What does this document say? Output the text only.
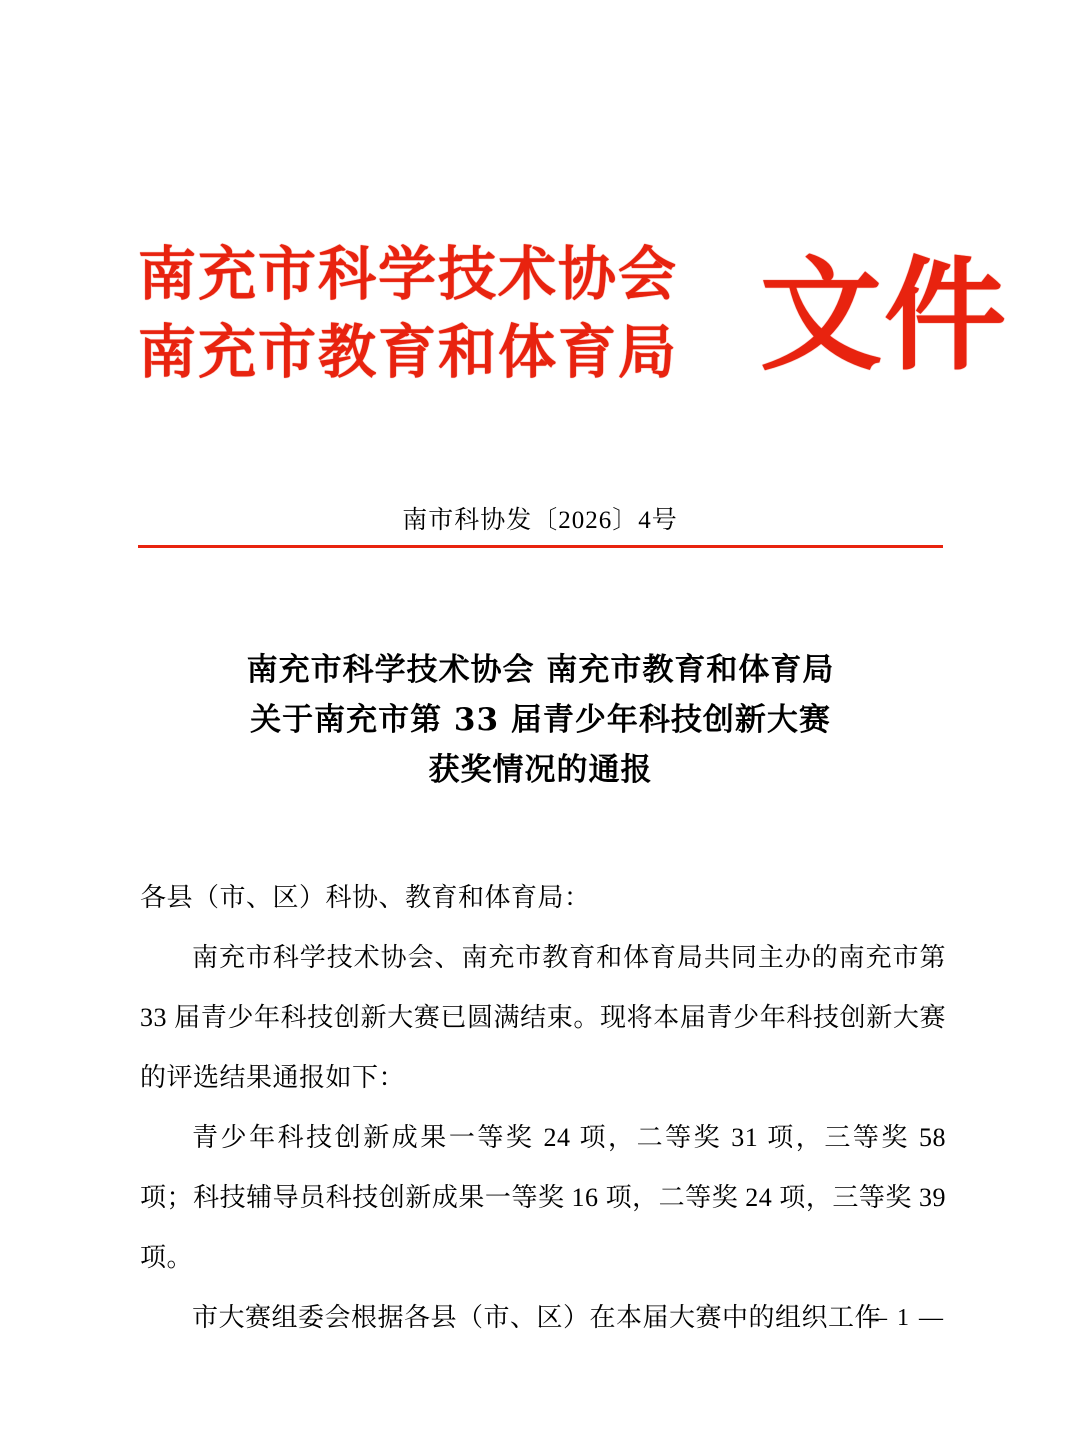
南充市科学技术协会
南充市教育和体育局 文件
南市科协发〔2026〕4号
南充市科学技术协会 南充市教育和体育局
关于南充市第 33 届青少年科技创新大赛
获奖情况的通报

各县（市、区）科协、教育和体育局：

南充市科学技术协会、南充市教育和体育局共同主办的南充市第 33 届青少年科技创新大赛已圆满结束。现将本届青少年科技创新大赛的评选结果通报如下：

青少年科技创新成果一等奖 24 项，二等奖 31 项，三等奖 58 项；科技辅导员科技创新成果一等奖 16 项，二等奖 24 项，三等奖 39 项。

市大赛组委会根据各县（市、区）在本届大赛中的组织工作

— 1 —
